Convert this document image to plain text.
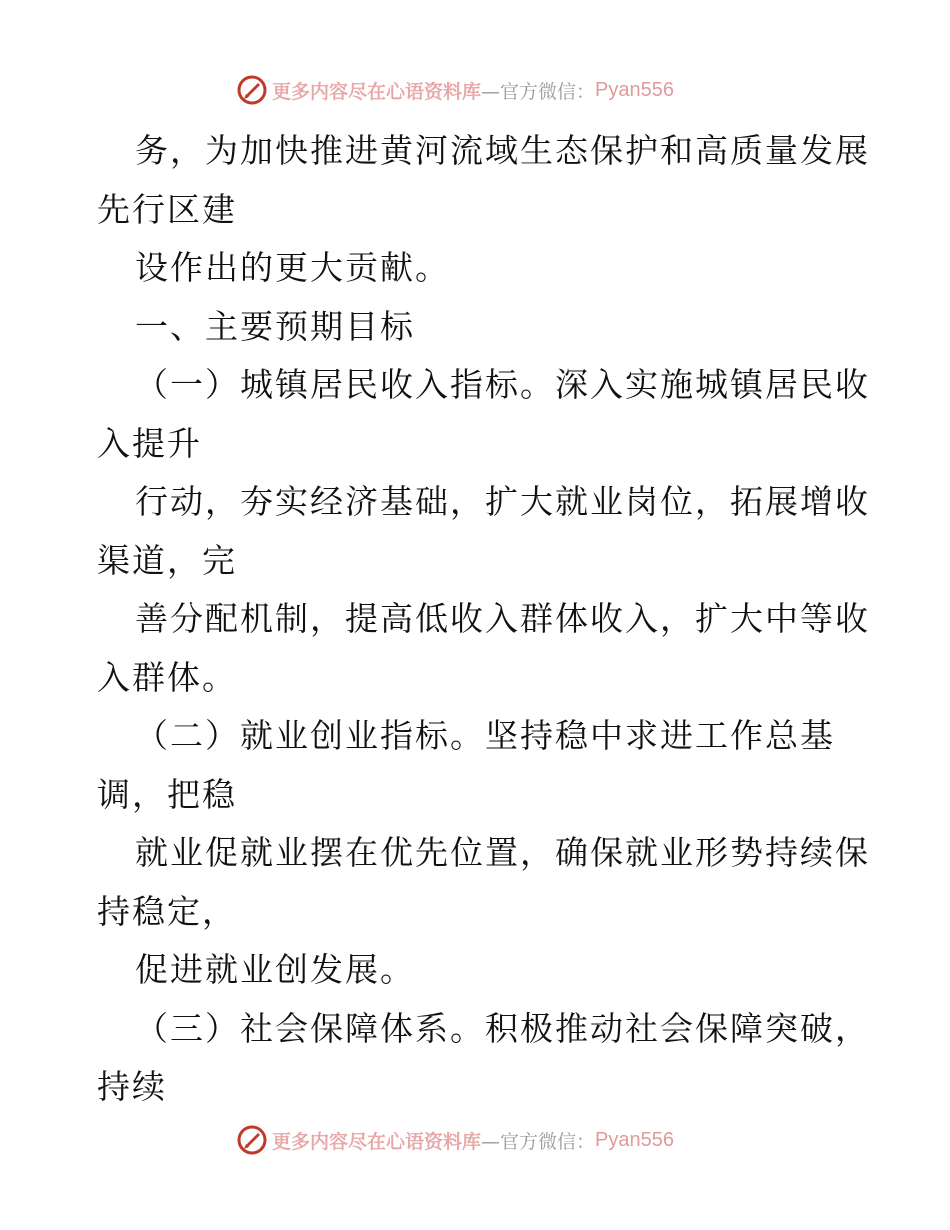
更多内容尽在心语资料库 —官方微信： Pyan556
务，为加快推进黄河流域生态保护和高质量发展
先行区建
设作出的更大贡献。
一、主要预期目标
（一）城镇居民收入指标。深入实施城镇居民收
入提升
行动，夯实经济基础，扩大就业岗位，拓展增收
渠道，完
善分配机制，提高低收入群体收入，扩大中等收
入群体。
（二）就业创业指标。坚持稳中求进工作总基
调，把稳
就业促就业摆在优先位置，确保就业形势持续保
持稳定，
促进就业创发展。
（三）社会保障体系。积极推动社会保障突破，
持续
更多内容尽在心语资料库 —官方微信： Pyan556
